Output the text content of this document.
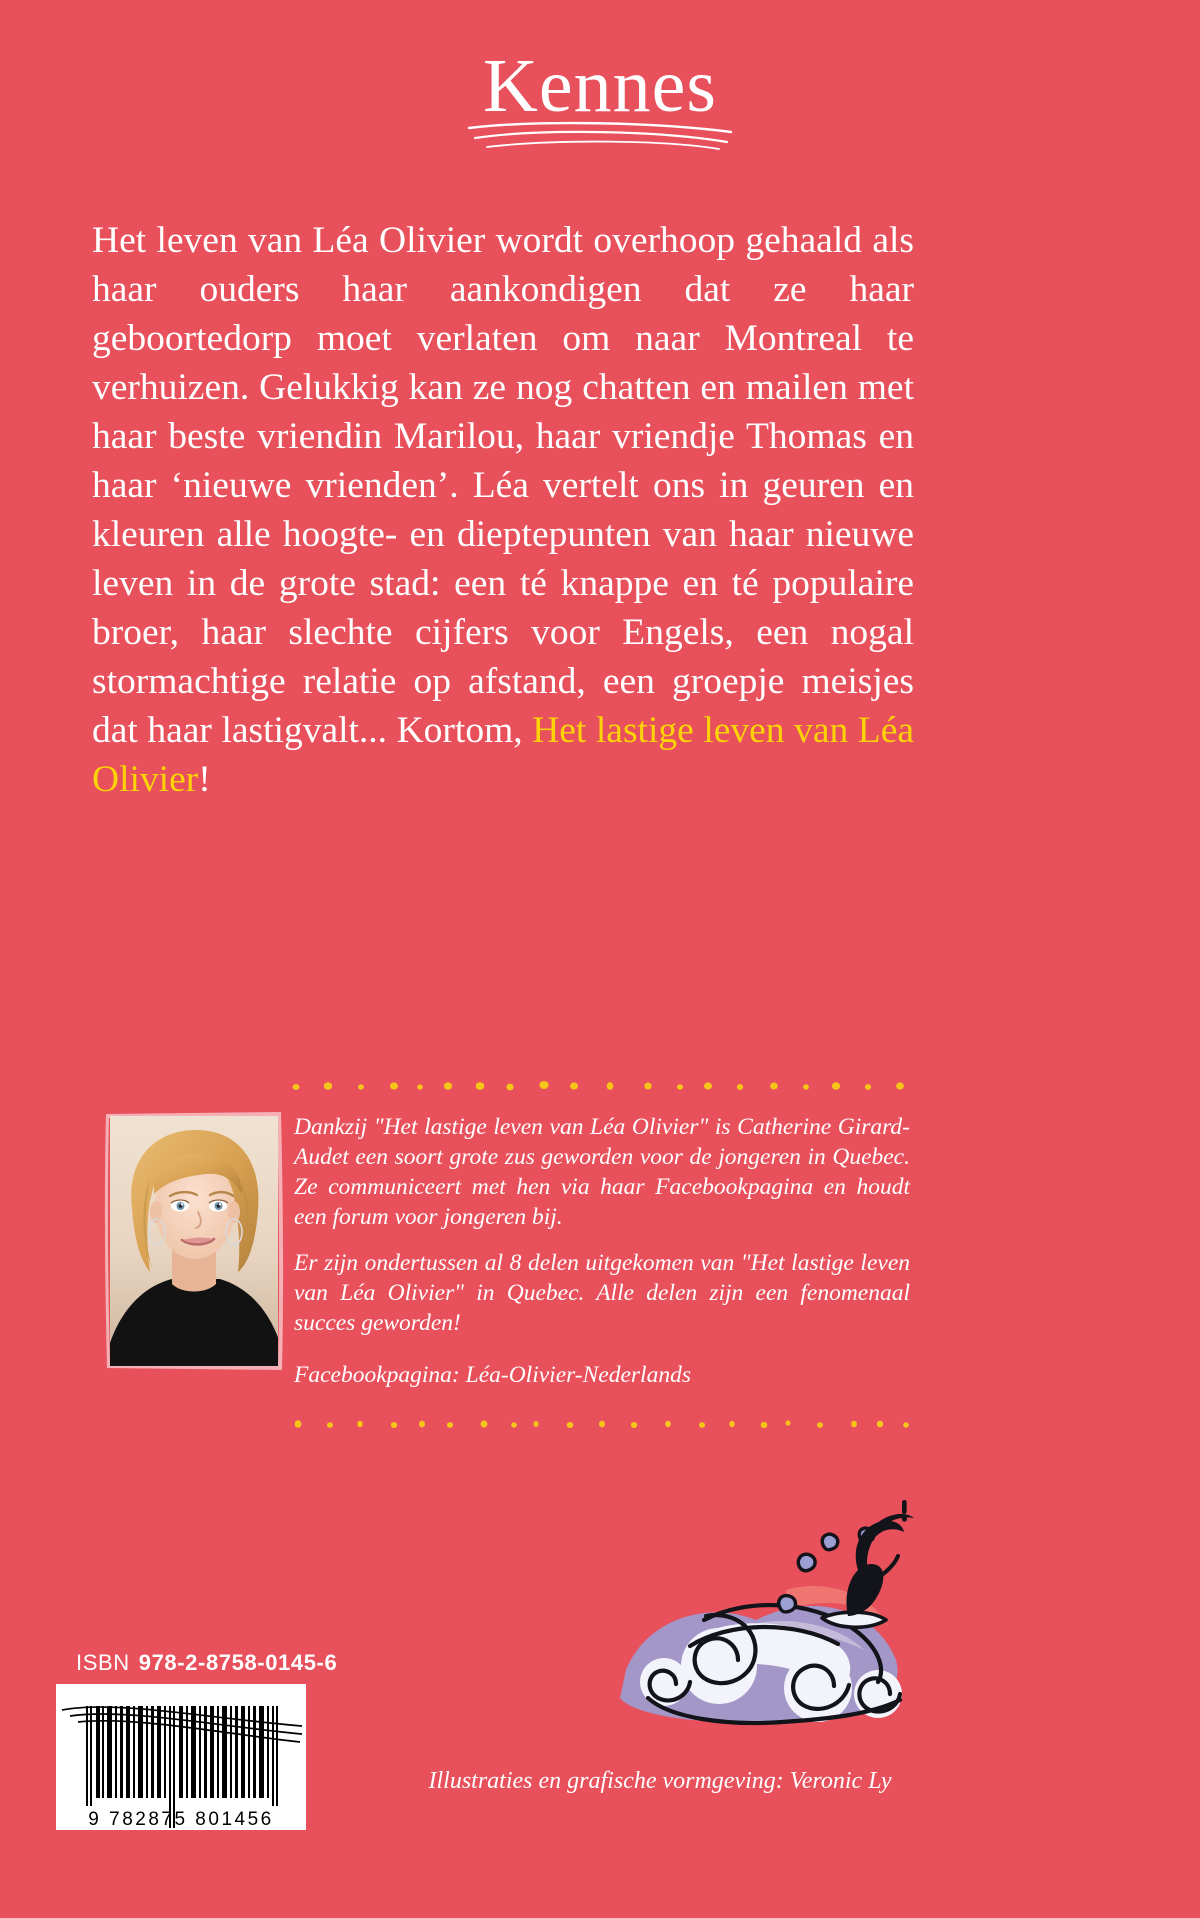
Kennes
Het leven van Léa Olivier wordt overhoop gehaald als haar ouders haar aankondigen dat ze haar geboortedorp moet verlaten om naar Montreal te verhuizen. Gelukkig kan ze nog chatten en mailen met haar beste vriendin Marilou, haar vriendje Thomas en haar ‘nieuwe vrienden’. Léa vertelt ons in geuren en kleuren alle hoogte- en dieptepunten van haar nieuwe leven in de grote stad: een té knappe en té populaire broer, haar slechte cijfers voor Engels, een nogal stormachtige relatie op afstand, een groepje meisjes dat haar lastigvalt... Kortom, Het lastige leven van Léa Olivier!

Dankzij "Het lastige leven van Léa Olivier" is Catherine Girard-Audet een soort grote zus geworden voor de jongeren in Quebec. Ze communiceert met hen via haar Facebookpagina en houdt een forum voor jongeren bij.

Er zijn ondertussen al 8 delen uitgekomen van "Het lastige leven van Léa Olivier" in Quebec. Alle delen zijn een fenomenaal succes geworden!

Facebookpagina: Léa-Olivier-Nederlands

ISBN 978-2-8758-0145-6
9 782875 801456
Illustraties en grafische vormgeving: Veronic Ly
